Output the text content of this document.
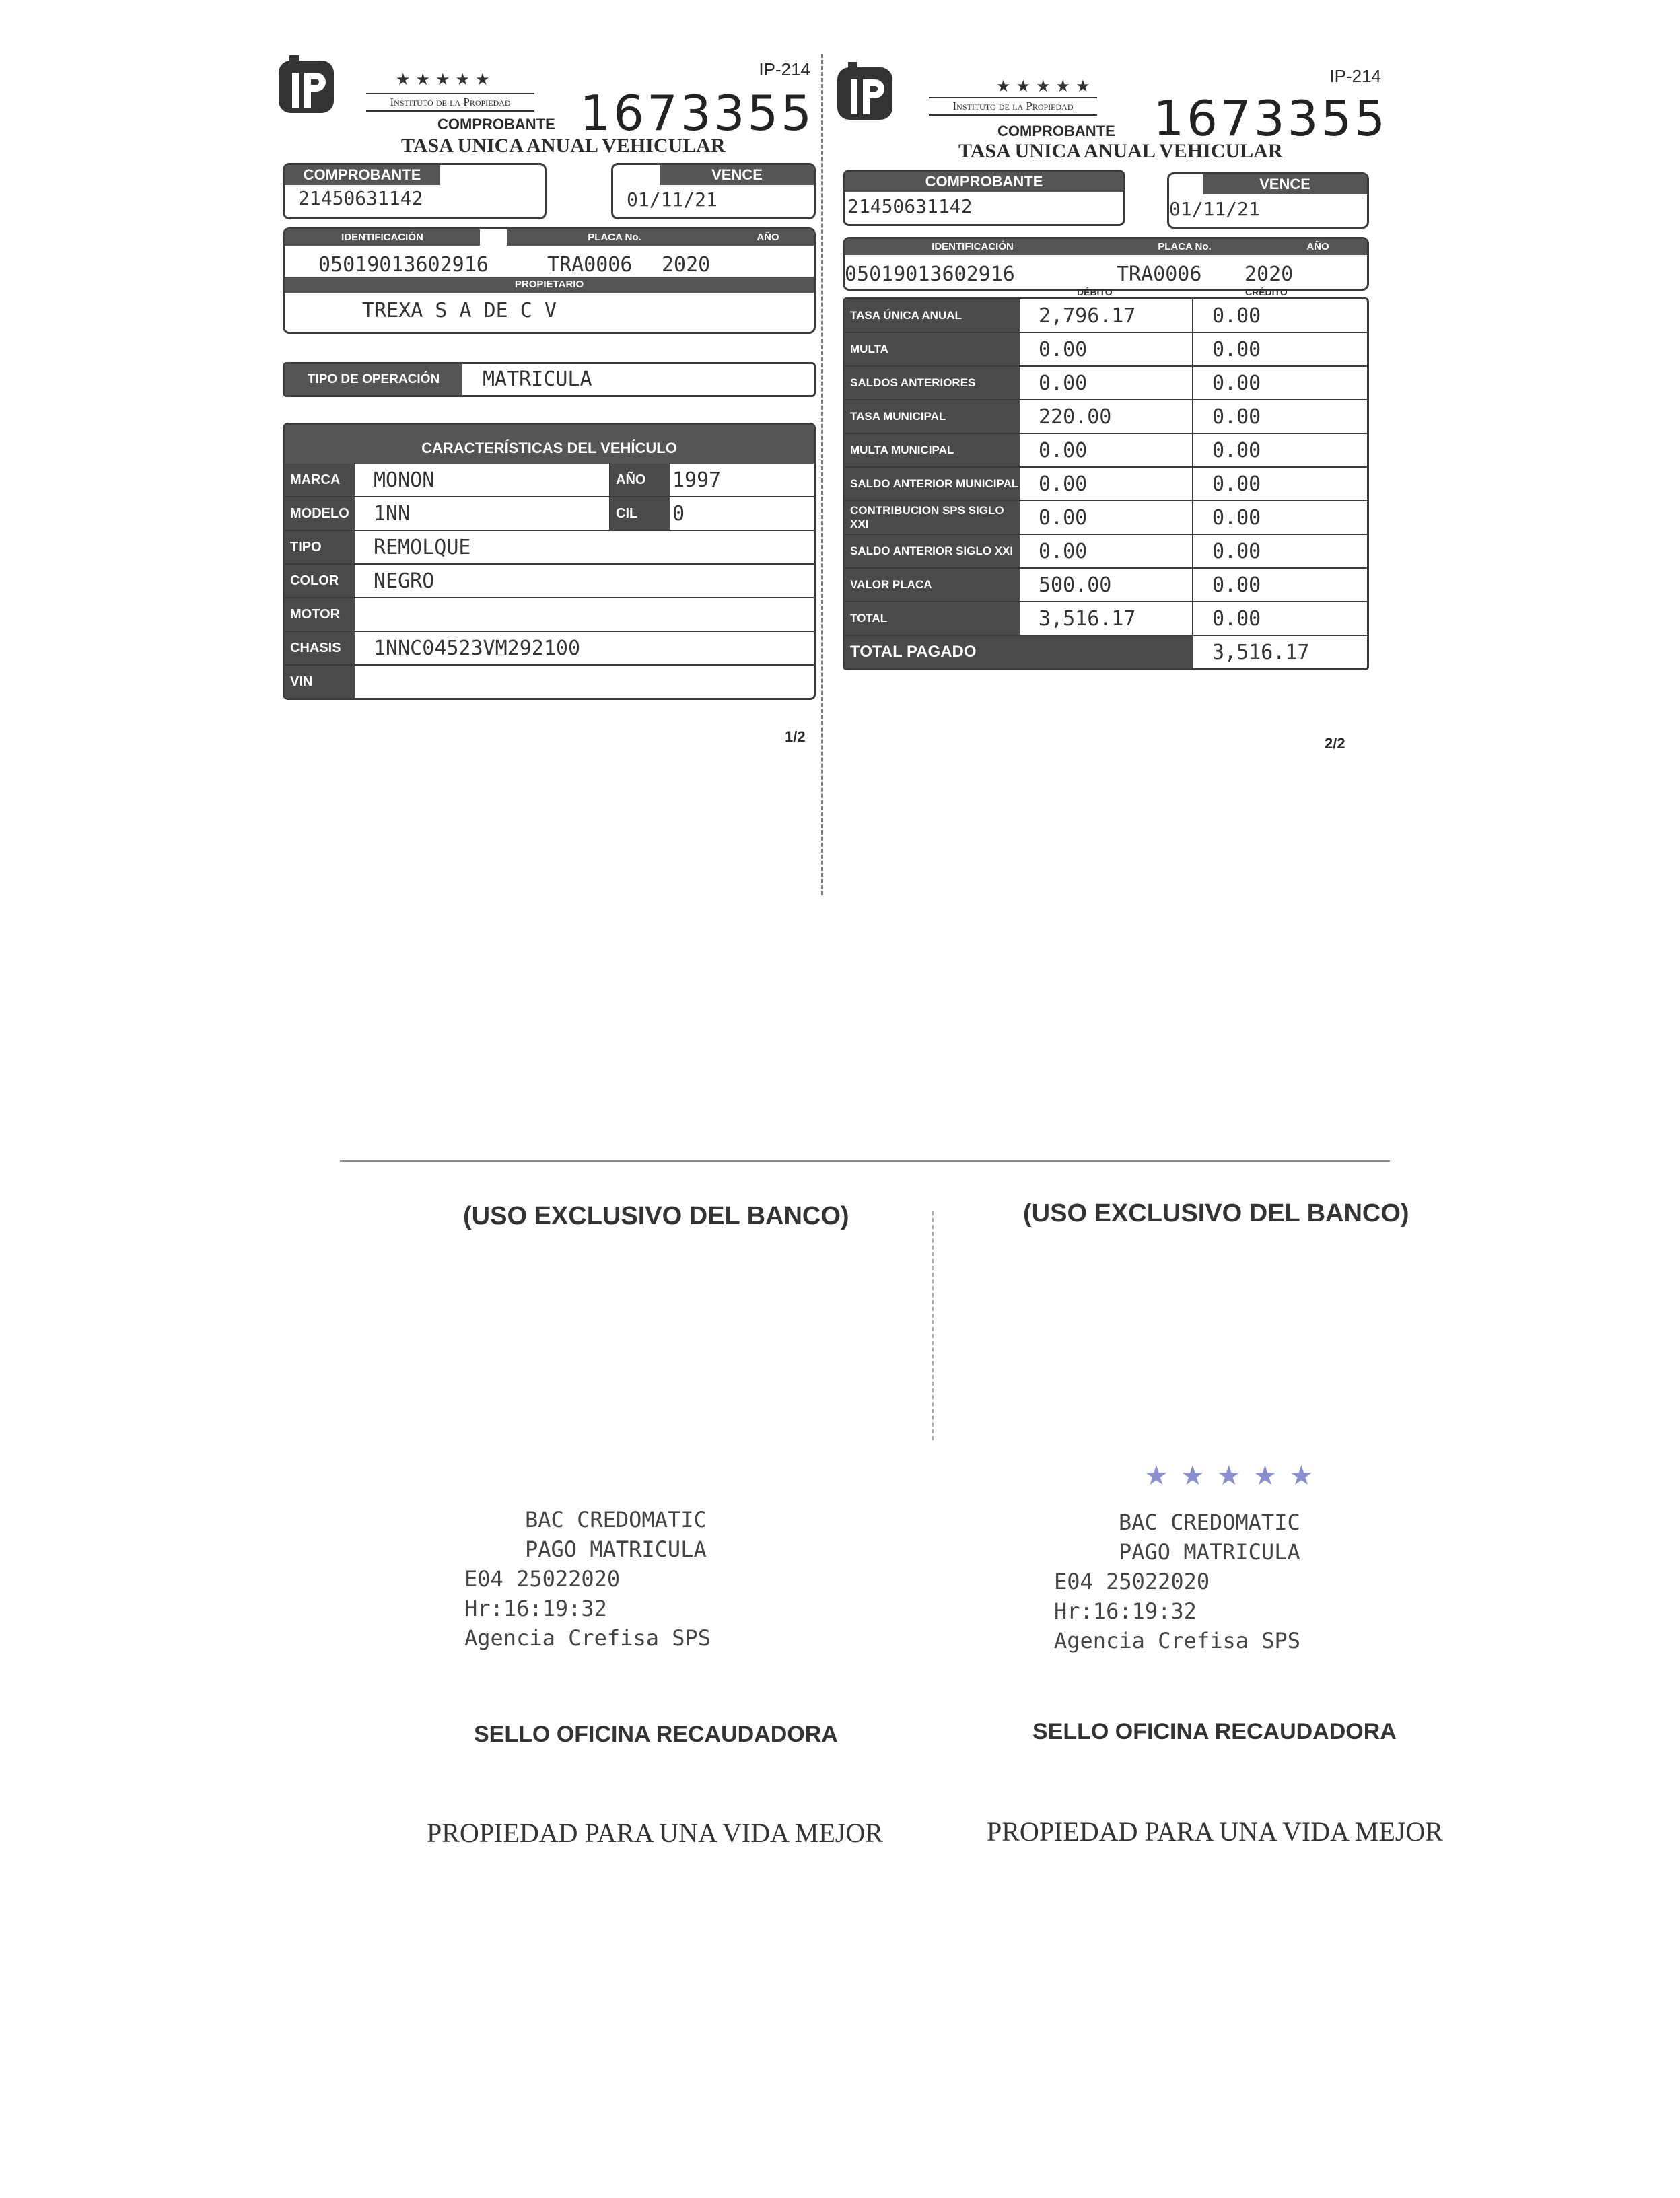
IP-214
★★★★★
Instituto de la Propiedad	1673355
COMPROBANTE
TASA UNICA ANUAL VEHICULAR
COMPROBANTE
21450631142
VENCE
01/11/21
IDENTIFICACIÓN	PLACA No.	AÑO
05019013602916	TRA0006	2020
PROPIETARIO
TREXA S A DE C V
TIPO DE OPERACIÓN	MATRICULA
CARACTERÍSTICAS DEL VEHÍCULO
MARCA	MONON	AÑO	1997
MODELO	1NN	CIL	0
TIPO	REMOLQUE
COLOR	NEGRO
MOTOR
CHASIS	1NNC04523VM292100
VIN
1/2
IP-214
★★★★★
Instituto de la Propiedad	1673355
COMPROBANTE
TASA UNICA ANUAL VEHICULAR
COMPROBANTE
21450631142
VENCE
01/11/21
IDENTIFICACIÓN	PLACA No.	AÑO
05019013602916	TRA0006	2020
DÉBITO	CRÉDITO
TASA ÚNICA ANUAL	2,796.17	0.00
MULTA	0.00	0.00
SALDOS ANTERIORES	0.00	0.00
TASA MUNICIPAL	220.00	0.00
MULTA MUNICIPAL	0.00	0.00
SALDO ANTERIOR MUNICIPAL 0.00	0.00
CONTRIBUCION SPS SIGLO XXI	0.00	0.00
SALDO ANTERIOR SIGLO XXI	0.00	0.00
VALOR PLACA	500.00	0.00
TOTAL	3,516.17	0.00
TOTAL PAGADO	3,516.17
2/2
(USO EXCLUSIVO DEL BANCO)	(USO EXCLUSIVO DEL BANCO)
BAC CREDOMATIC
PAGO MATRICULA
E04 25022020
Hr:16:19:32
Agencia Crefisa SPS
★★★★★
BAC CREDOMATIC
PAGO MATRICULA
E04 25022020
Hr:16:19:32
Agencia Crefisa SPS
SELLO OFICINA RECAUDADORA	SELLO OFICINA RECAUDADORA
PROPIEDAD PARA UNA VIDA MEJOR	PROPIEDAD PARA UNA VIDA MEJOR
